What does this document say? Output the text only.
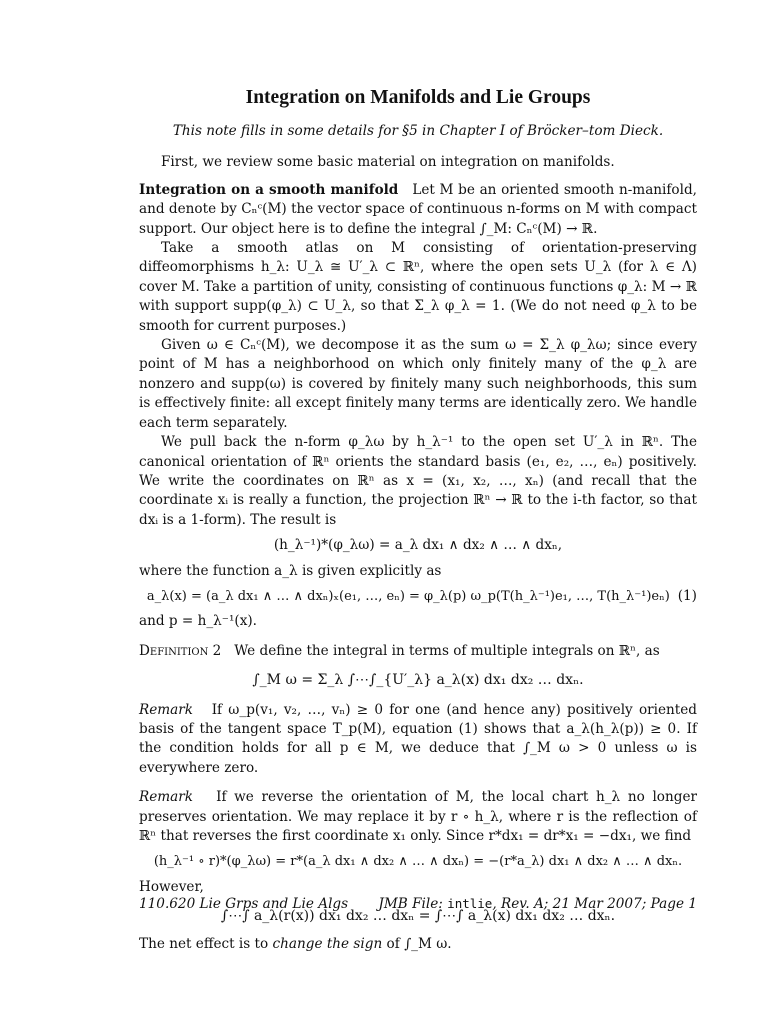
Integration on Manifolds and Lie Groups

This note fills in some details for §5 in Chapter I of Bröcker–tom Dieck.

First, we review some basic material on integration on manifolds.

Integration on a smooth manifold Let M be an oriented smooth n-manifold, and denote by Cₙᶜ(M) the vector space of continuous n-forms on M with compact support. Our object here is to define the integral ∫_M: Cₙᶜ(M) → ℝ.

Take a smooth atlas on M consisting of orientation-preserving diffeomorphisms h_λ: U_λ ≅ U′_λ ⊂ ℝⁿ, where the open sets U_λ (for λ ∈ Λ) cover M. Take a partition of unity, consisting of continuous functions φ_λ: M → ℝ with support supp(φ_λ) ⊂ U_λ, so that Σ_λ φ_λ = 1. (We do not need φ_λ to be smooth for current purposes.)

Given ω ∈ Cₙᶜ(M), we decompose it as the sum ω = Σ_λ φ_λω; since every point of M has a neighborhood on which only finitely many of the φ_λ are nonzero and supp(ω) is covered by finitely many such neighborhoods, this sum is effectively finite: all except finitely many terms are identically zero. We handle each term separately.

We pull back the n-form φ_λω by h_λ⁻¹ to the open set U′_λ in ℝⁿ. The canonical orientation of ℝⁿ orients the standard basis (e₁, e₂, …, eₙ) positively. We write the coordinates on ℝⁿ as x = (x₁, x₂, …, xₙ) (and recall that the coordinate xᵢ is really a function, the projection ℝⁿ → ℝ to the i-th factor, so that dxᵢ is a 1-form). The result is

(h_λ⁻¹)*(φ_λω) = a_λ dx₁ ∧ dx₂ ∧ … ∧ dxₙ,

where the function a_λ is given explicitly as

a_λ(x) = (a_λ dx₁ ∧ … ∧ dxₙ)ₓ(e₁, …, eₙ) = φ_λ(p) ω_p(T(h_λ⁻¹)e₁, …, T(h_λ⁻¹)eₙ) (1)

and p = h_λ⁻¹(x).

Definition 2 We define the integral in terms of multiple integrals on ℝⁿ, as

∫_M ω = Σ_λ ∫⋯∫_{U′_λ} a_λ(x) dx₁ dx₂ … dxₙ.

Remark If ω_p(v₁, v₂, …, vₙ) ≥ 0 for one (and hence any) positively oriented basis of the tangent space T_p(M), equation (1) shows that a_λ(h_λ(p)) ≥ 0. If the condition holds for all p ∈ M, we deduce that ∫_M ω > 0 unless ω is everywhere zero.

Remark If we reverse the orientation of M, the local chart h_λ no longer preserves orientation. We may replace it by r ∘ h_λ, where r is the reflection of ℝⁿ that reverses the first coordinate x₁ only. Since r*dx₁ = dr*x₁ = −dx₁, we find

(h_λ⁻¹ ∘ r)*(φ_λω) = r*(a_λ dx₁ ∧ dx₂ ∧ … ∧ dxₙ) = −(r*a_λ) dx₁ ∧ dx₂ ∧ … ∧ dxₙ.

However,

∫⋯∫ a_λ(r(x)) dx₁ dx₂ … dxₙ = ∫⋯∫ a_λ(x) dx₁ dx₂ … dxₙ.

The net effect is to change the sign of ∫_M ω.

110.620 Lie Grps and Lie Algs JMB File: intlie, Rev. A; 21 Mar 2007; Page 1
